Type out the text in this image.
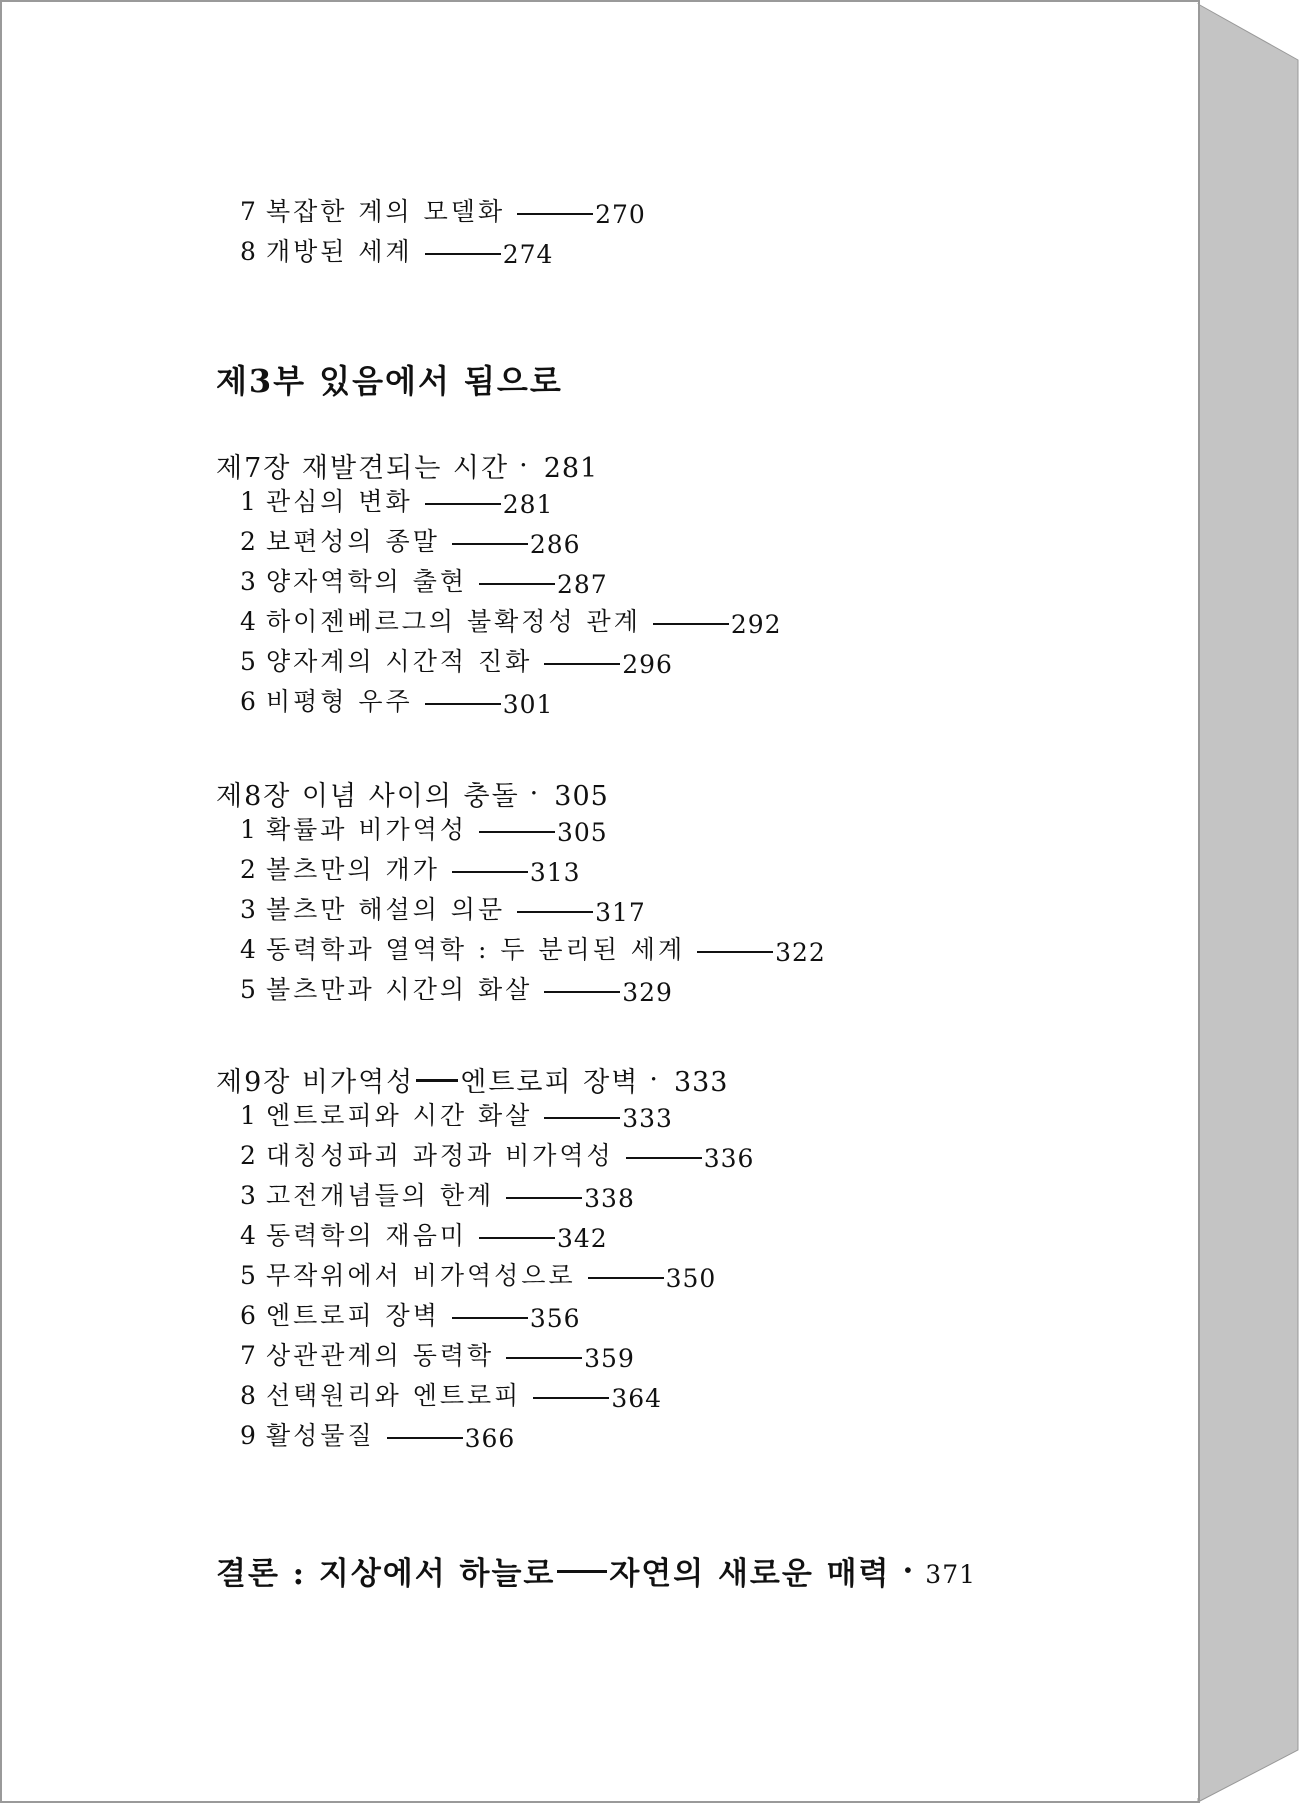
7 복잡한 계의 모델화	270
8 개방된 세계	274
제3부 있음에서 됨으로
제7장 재발견되는 시간 · 281
1 관심의 변화	281
2 보편성의 종말	286
3 양자역학의 출현	287
4 하이젠베르그의 불확정성 관계	292
5 양자계의 시간적 진화	296
6 비평형 우주	301
제8장 이념 사이의 충돌 · 305
1 확률과 비가역성	305
2 볼츠만의 개가	313
3 볼츠만 해설의 의문	317
4 동력학과 열역학 : 두 분리된 세계	322
5 볼츠만과 시간의 화살	329
제9장 비가역성 엔트로피 장벽 · 333
1 엔트로피와 시간 화살	333
2 대칭성파괴 과정과 비가역성	336
3 고전개념들의 한계	338
4 동력학의 재음미	342
5 무작위에서 비가역성으로	350
6 엔트로피 장벽	356
7 상관관계의 동력학	359
8 선택원리와 엔트로피	364
9 활성물질	366
결론 : 지상에서 하늘로 자연의 새로운 매력 · 371
